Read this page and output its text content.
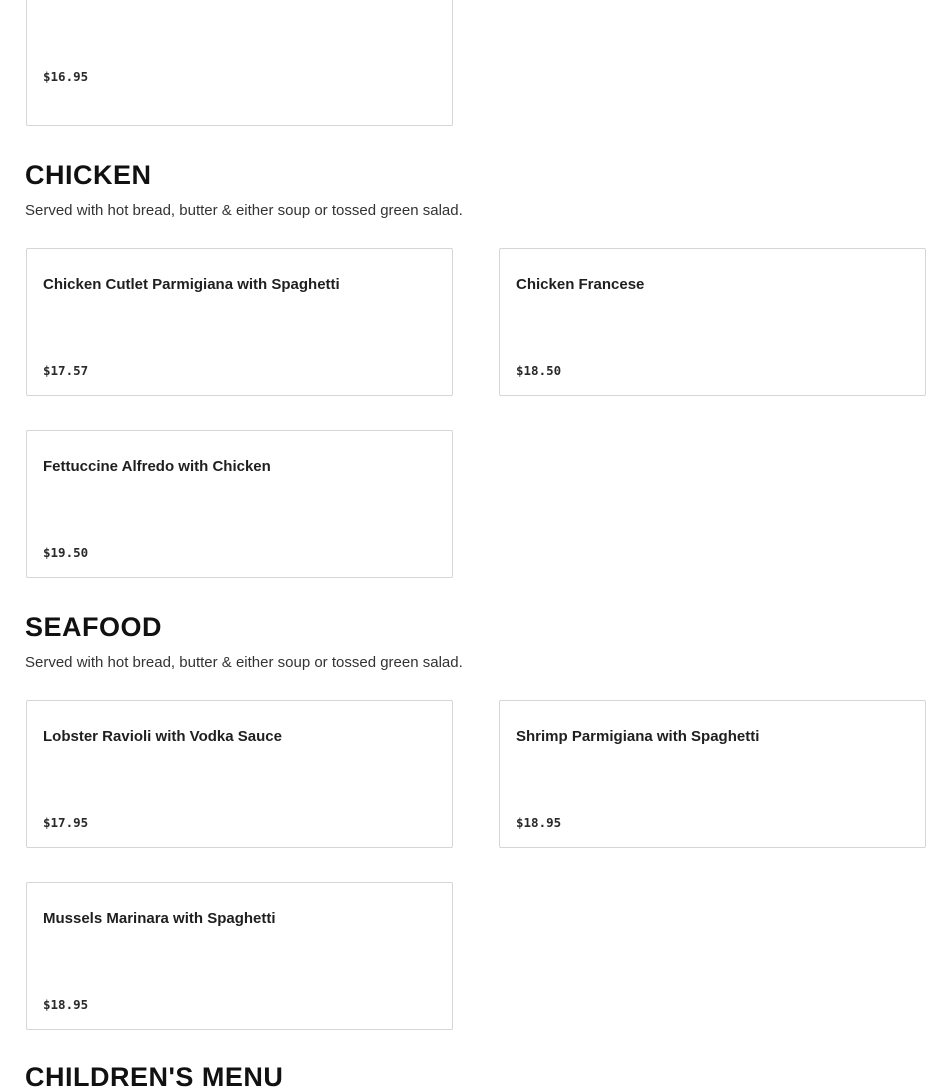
$16.95
CHICKEN

Served with hot bread, butter & either soup or tossed green salad.

Chicken Cutlet Parmigiana with Spaghetti
$17.57
Chicken Francese
$18.50
Fettuccine Alfredo with Chicken
$19.50
SEAFOOD

Served with hot bread, butter & either soup or tossed green salad.

Lobster Ravioli with Vodka Sauce
$17.95
Shrimp Parmigiana with Spaghetti
$18.95
Mussels Marinara with Spaghetti
$18.95
CHILDREN'S MENU
